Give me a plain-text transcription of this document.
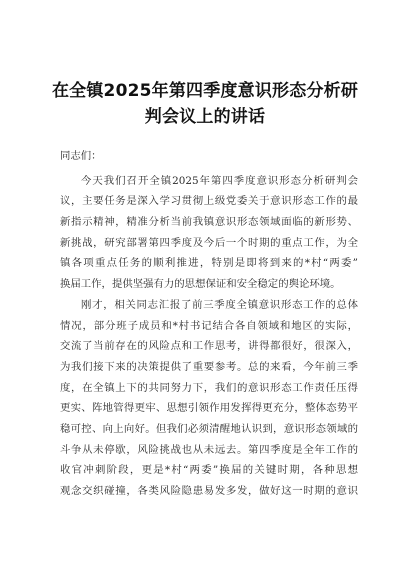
在全镇2025年第四季度意识形态分析研
判会议上的讲话
同志们：
今天我们召开全镇2025年第四季度意识形态分析研判会
议，主要任务是深入学习贯彻上级党委关于意识形态工作的最
新指示精神，精准分析当前我镇意识形态领域面临的新形势、
新挑战，研究部署第四季度及今后一个时期的重点工作，为全
镇各项重点任务的顺利推进，特别是即将到来的*村“两委”
换届工作，提供坚强有力的思想保证和安全稳定的舆论环境。
刚才，相关同志汇报了前三季度全镇意识形态工作的总体
情况，部分班子成员和*村书记结合各自领域和地区的实际，
交流了当前存在的风险点和工作思考，讲得都很好，很深入，
为我们接下来的决策提供了重要参考。总的来看，今年前三季
度，在全镇上下的共同努力下，我们的意识形态工作责任压得
更实、阵地管得更牢、思想引领作用发挥得更充分，整体态势平
稳可控、向上向好。但我们必须清醒地认识到，意识形态领域的
斗争从未停歇，风险挑战也从未远去。第四季度是全年工作的
收官冲刺阶段，更是*村“两委”换届的关键时期，各种思想
观念交织碰撞，各类风险隐患易发多发，做好这一时期的意识
